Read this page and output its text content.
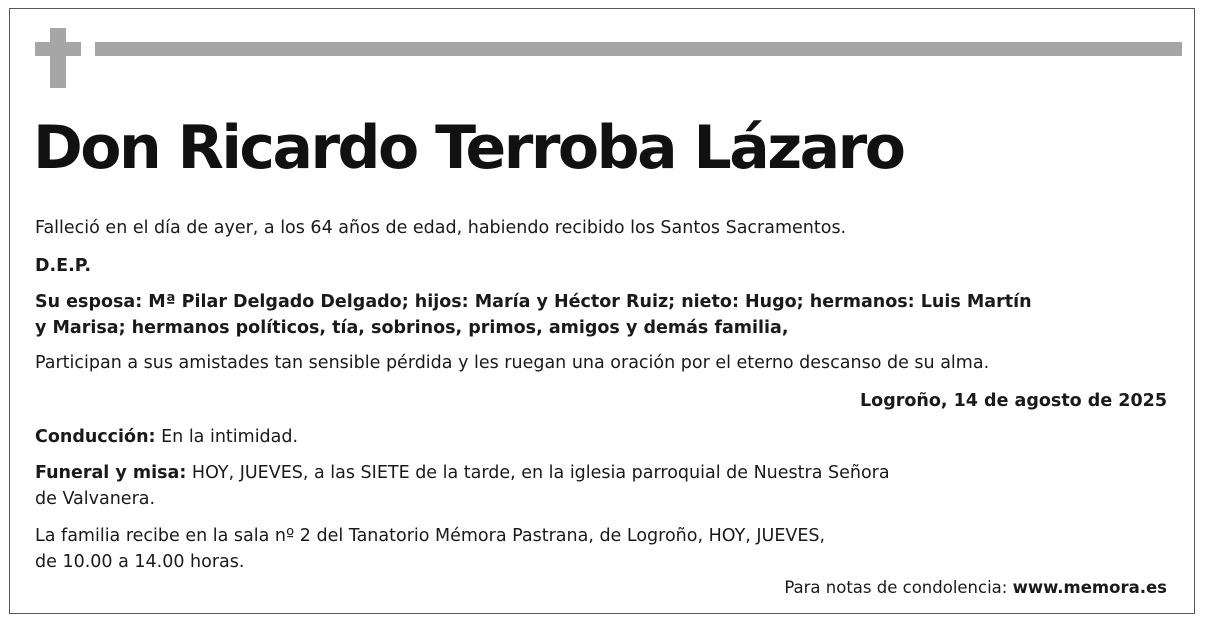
Don Ricardo Terroba Lázaro
Falleció en el día de ayer, a los 64 años de edad, habiendo recibido los Santos Sacramentos.
D.E.P.
Su esposa: Mª Pilar Delgado Delgado; hijos: María y Héctor Ruiz; nieto: Hugo; hermanos: Luis Martín
y Marisa; hermanos políticos, tía, sobrinos, primos, amigos y demás familia,
Participan a sus amistades tan sensible pérdida y les ruegan una oración por el eterno descanso de su alma.
Logroño, 14 de agosto de 2025
Conducción: En la intimidad.
Funeral y misa: HOY, JUEVES, a las SIETE de la tarde, en la iglesia parroquial de Nuestra Señora
de Valvanera.
La familia recibe en la sala nº 2 del Tanatorio Mémora Pastrana, de Logroño, HOY, JUEVES,
de 10.00 a 14.00 horas.
Para notas de condolencia: www.memora.es
